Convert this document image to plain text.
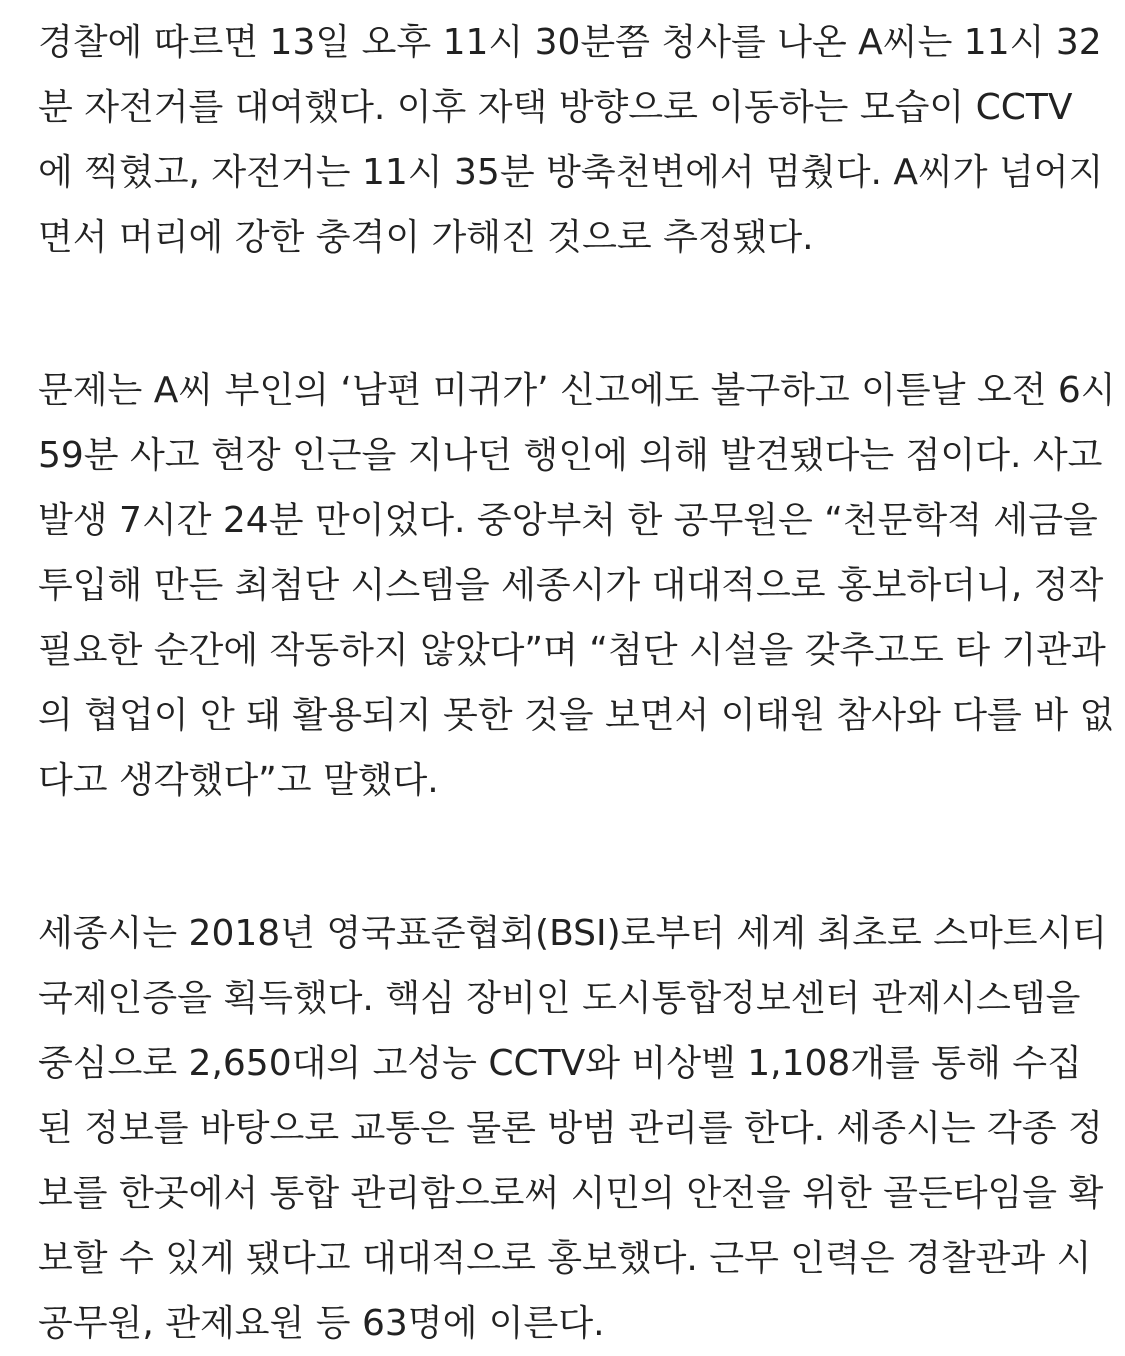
경찰에 따르면 13일 오후 11시 30분쯤 청사를 나온 A씨는 11시 32
분 자전거를 대여했다. 이후 자택 방향으로 이동하는 모습이 CCTV
에 찍혔고, 자전거는 11시 35분 방축천변에서 멈췄다. A씨가 넘어지
면서 머리에 강한 충격이 가해진 것으로 추정됐다.
문제는 A씨 부인의 ‘남편 미귀가’ 신고에도 불구하고 이튿날 오전 6시
59분 사고 현장 인근을 지나던 행인에 의해 발견됐다는 점이다. 사고
발생 7시간 24분 만이었다. 중앙부처 한 공무원은 “천문학적 세금을
투입해 만든 최첨단 시스템을 세종시가 대대적으로 홍보하더니, 정작
필요한 순간에 작동하지 않았다”며 “첨단 시설을 갖추고도 타 기관과
의 협업이 안 돼 활용되지 못한 것을 보면서 이태원 참사와 다를 바 없
다고 생각했다”고 말했다.
세종시는 2018년 영국표준협회(BSI)로부터 세계 최초로 스마트시티
국제인증을 획득했다. 핵심 장비인 도시통합정보센터 관제시스템을
중심으로 2,650대의 고성능 CCTV와 비상벨 1,108개를 통해 수집
된 정보를 바탕으로 교통은 물론 방범 관리를 한다. 세종시는 각종 정
보를 한곳에서 통합 관리함으로써 시민의 안전을 위한 골든타임을 확
보할 수 있게 됐다고 대대적으로 홍보했다. 근무 인력은 경찰관과 시
공무원, 관제요원 등 63명에 이른다.
